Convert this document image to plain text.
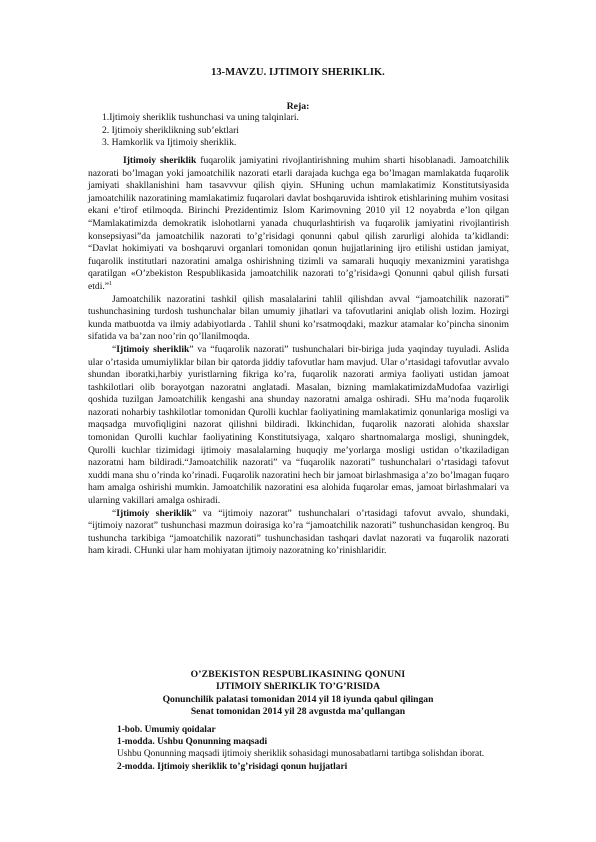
13-MAVZU. IJTIMOIY SHERIKLIK.
Reja:
1.Ijtimoiy sheriklik tushunchasi va uning talqinlari.
2. Ijtimoiy sheriklikning sub’ektlari
3. Hamkorlik va Ijtimoiy sheriklik.

Ijtimoiy sheriklik fuqarolik jamiyatini rivojlantirishning muhim sharti hisoblanadi. Jamoatchilik nazorati bo’lmagan yoki jamoatchilik nazorati etarli darajada kuchga ega bo’lmagan mamlakatda fuqarolik jamiyati shakllanishini ham tasavvvur qilish qiyin. SHuning uchun mamlakatimiz Konstitutsiyasida jamoatchilik nazoratining mamlakatimiz fuqarolari davlat boshqaruvida ishtirok etishlarining muhim vositasi ekani e’tirof etilmoqda. Birinchi Prezidentimiz Islom Karimovning 2010 yil 12 noyabrda e’lon qilgan “Mamlakatimizda demokratik islohotlarni yanada chuqurlashtirish va fuqarolik jamiyatini rivojlantirish konsepsiyasi”da jamoatchilik nazorati to’g’risidagi qonunni qabul qilish zarurligi alohida ta’kidlandi: “Davlat hokimiyati va boshqaruvi organlari tomonidan qonun hujjatlarining ijro etilishi ustidan jamiyat, fuqarolik institutlari nazoratini amalga oshirishning tizimli va samarali huquqiy mexanizmini yaratishga qaratilgan «O’zbekiston Respublikasida jamoatchilik nazorati to’g’risida»gi Qonunni qabul qilish fursati etdi.”$^1$

Jamoatchilik nazoratini tashkil qilish masalalarini tahlil qilishdan avval “jamoatchilik nazorati” tushunchasining turdosh tushunchalar bilan umumiy jihatlari va tafovutlarini aniqlab olish lozim. Hozirgi kunda matbuotda va ilmiy adabiyotlarda . Tahlil shuni ko’rsatmoqdaki, mazkur atamalar ko’pincha sinonim sifatida va ba’zan noo’rin qo’llanilmoqda.

“Ijtimoiy sheriklik” va “fuqarolik nazorati” tushunchalari bir-biriga juda yaqinday tuyuladi. Aslida ular o’rtasida umumiyliklar bilan bir qatorda jiddiy tafovutlar ham mavjud. Ular o’rtasidagi tafovutlar avvalo shundan iboratki,harbiy yuristlarning fikriga ko’ra, fuqarolik nazorati armiya faoliyati ustidan jamoat tashkilotlari olib borayotgan nazoratni anglatadi. Masalan, bizning mamlakatimizdaMudofaa vazirligi qoshida tuzilgan Jamoatchilik kengashi ana shunday nazoratni amalga oshiradi. SHu ma’noda fuqarolik nazorati noharbiy tashkilotlar tomonidan Qurolli kuchlar faoliyatining mamlakatimiz qonunlariga mosligi va maqsadga muvofiqligini nazorat qilishni bildiradi. Ikkinchidan, fuqarolik nazorati alohida shaxslar tomonidan Qurolli kuchlar faoliyatining Konstitutsiyaga, xalqaro shartnomalarga mosligi, shuningdek, Qurolli kuchlar tizimidagi ijtimoiy masalalarning huquqiy me’yorlarga mosligi ustidan o’tkaziladigan nazoratni ham bildiradi.“Jamoatchilik nazorati” va “fuqarolik nazorati” tushunchalari o’rtasidagi tafovut xuddi mana shu o’rinda ko’rinadi. Fuqarolik nazoratini hech bir jamoat birlashmasiga a’zo bo’lmagan fuqaro ham amalga oshirishi mumkin. Jamoatchilik nazoratini esa alohida fuqarolar emas, jamoat birlashmalari va ularning vakillari amalga oshiradi.

“Ijtimoiy sheriklik” va “ijtimoiy nazorat” tushunchalari o’rtasidagi tafovut avvalo, shundaki, “ijtimoiy nazorat” tushunchasi mazmun doirasiga ko’ra “jamoatchilik nazorati” tushunchasidan kengroq. Bu tushuncha tarkibiga “jamoatchilik nazorati” tushunchasidan tashqari davlat nazorati va fuqarolik nazorati ham kiradi. CHunki ular ham mohiyatan ijtimoiy nazoratning ko’rinishlaridir.

O’ZBEKISTON RESPUBLIKASINING QONUNI
IJTIMOIY ShERIKLIK TO’G’RISIDA
Qonunchilik palatasi tomonidan 2014 yil 18 iyunda qabul qilingan
Senat tomonidan 2014 yil 28 avgustda ma’qullangan
1-bob. Umumiy qoidalar
1-modda. Ushbu Qonunning maqsadi
Ushbu Qonunning maqsadi ijtimoiy sheriklik sohasidagi munosabatlarni tartibga solishdan iborat.
2-modda. Ijtimoiy sheriklik to’g’risidagi qonun hujjatlari
